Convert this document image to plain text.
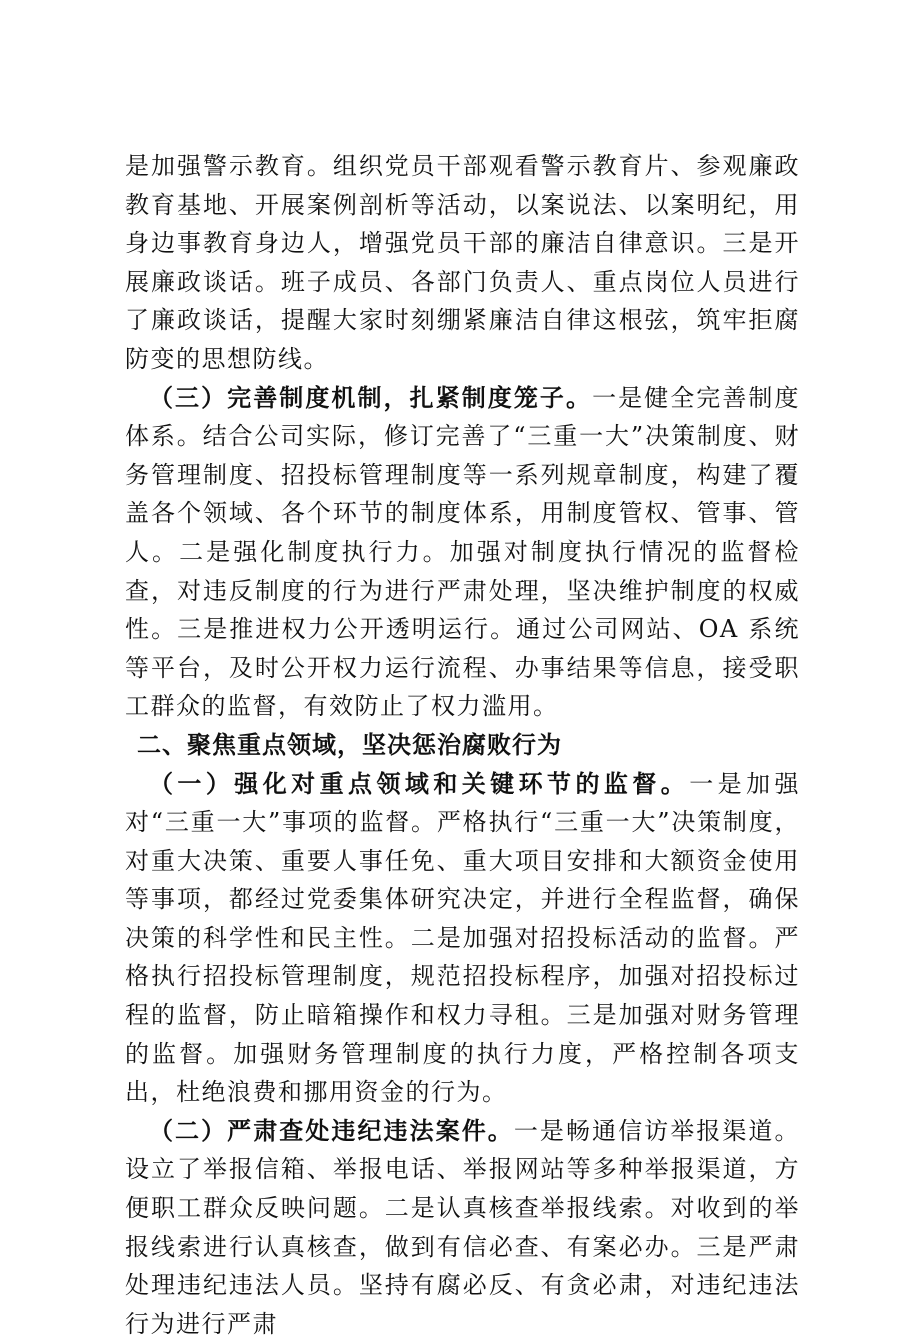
是加强警示教育。组织党员干部观看警示教育片、参观廉政教育基地、开展案例剖析等活动，以案说法、以案明纪，用身边事教育身边人，增强党员干部的廉洁自律意识。三是开展廉政谈话。班子成员、各部门负责人、重点岗位人员进行了廉政谈话，提醒大家时刻绷紧廉洁自律这根弦，筑牢拒腐防变的思想防线。

（三）完善制度机制，扎紧制度笼子。一是健全完善制度体系。结合公司实际，修订完善了“三重一大”决策制度、财务管理制度、招投标管理制度等一系列规章制度，构建了覆盖各个领域、各个环节的制度体系，用制度管权、管事、管人。二是强化制度执行力。加强对制度执行情况的监督检查，对违反制度的行为进行严肃处理，坚决维护制度的权威性。三是推进权力公开透明运行。通过公司网站、OA 系统等平台，及时公开权力运行流程、办事结果等信息，接受职工群众的监督，有效防止了权力滥用。

二、聚焦重点领域，坚决惩治腐败行为

（一）强化对重点领域和关键环节的监督。一是加强对“三重一大”事项的监督。严格执行“三重一大”决策制度，对重大决策、重要人事任免、重大项目安排和大额资金使用等事项，都经过党委集体研究决定，并进行全程监督，确保决策的科学性和民主性。二是加强对招投标活动的监督。严格执行招投标管理制度，规范招投标程序，加强对招投标过程的监督，防止暗箱操作和权力寻租。三是加强对财务管理的监督。加强财务管理制度的执行力度，严格控制各项支出，杜绝浪费和挪用资金的行为。

（二）严肃查处违纪违法案件。一是畅通信访举报渠道。设立了举报信箱、举报电话、举报网站等多种举报渠道，方便职工群众反映问题。二是认真核查举报线索。对收到的举报线索进行认真核查，做到有信必查、有案必办。三是严肃处理违纪违法人员。坚持有腐必反、有贪必肃，对违纪违法行为进行严肃
